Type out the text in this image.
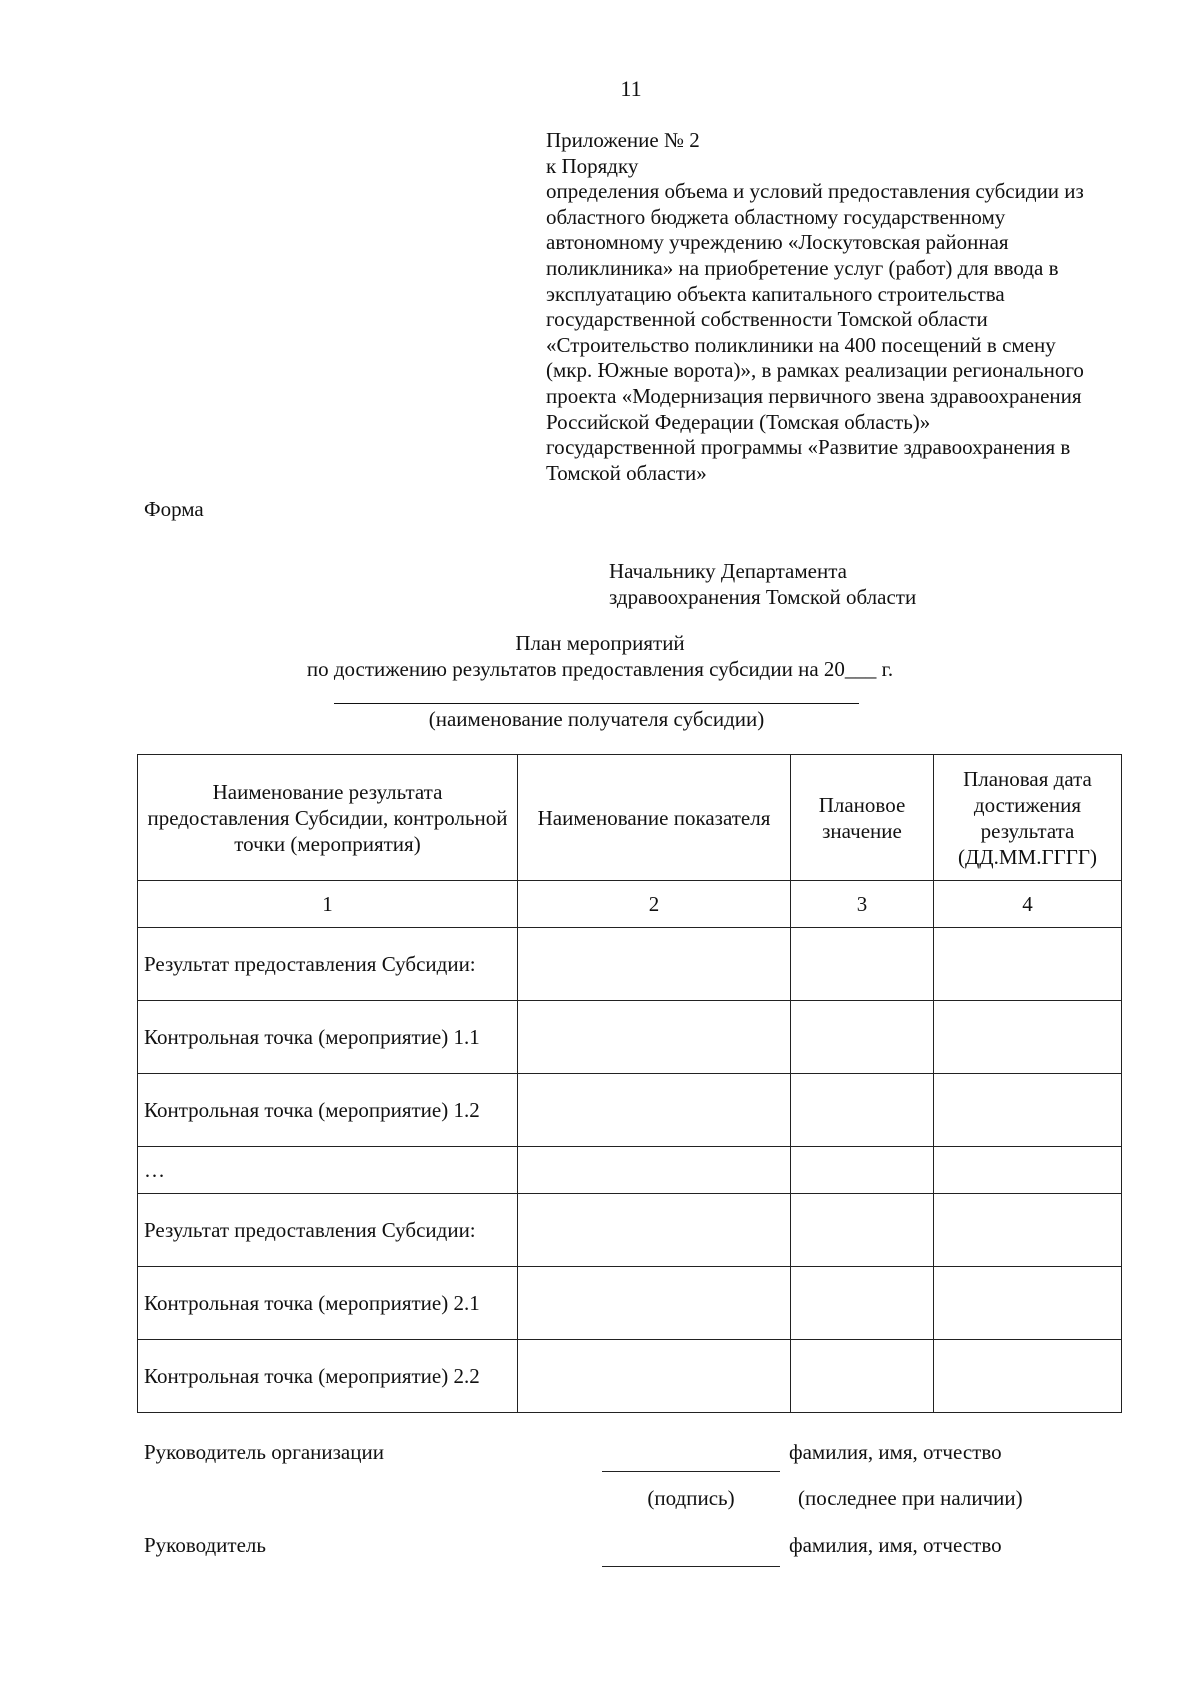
11
Приложение № 2
к Порядку
определения объема и условий предоставления субсидии из
областного бюджета областному государственному
автономному учреждению «Лоскутовская районная
поликлиника» на приобретение услуг (работ) для ввода в
эксплуатацию объекта капитального строительства
государственной собственности Томской области
«Строительство поликлиники на 400 посещений в смену
(мкр. Южные ворота)», в рамках реализации регионального
проекта «Модернизация первичного звена здравоохранения
Российской Федерации (Томская область)»
государственной программы «Развитие здравоохранения в
Томской области»
Форма
Начальнику Департамента
здравоохранения Томской области
План мероприятий
по достижению результатов предоставления субсидии на 20___ г.
(наименование получателя субсидии)
Наименование результата предоставления Субсидии, контрольной точки (мероприятия)	Наименование показателя	Плановое значение	Плановая дата достижения результата (ДД.ММ.ГГГГ)
1	2	3	4
Результат предоставления Субсидии:			
Контрольная точка (мероприятие) 1.1			
Контрольная точка (мероприятие) 1.2			
…			
Результат предоставления Субсидии:			
Контрольная точка (мероприятие) 2.1			
Контрольная точка (мероприятие) 2.2			
Руководитель организации	фамилия, имя, отчество
(подпись)	(последнее при наличии)
Руководитель	фамилия, имя, отчество
